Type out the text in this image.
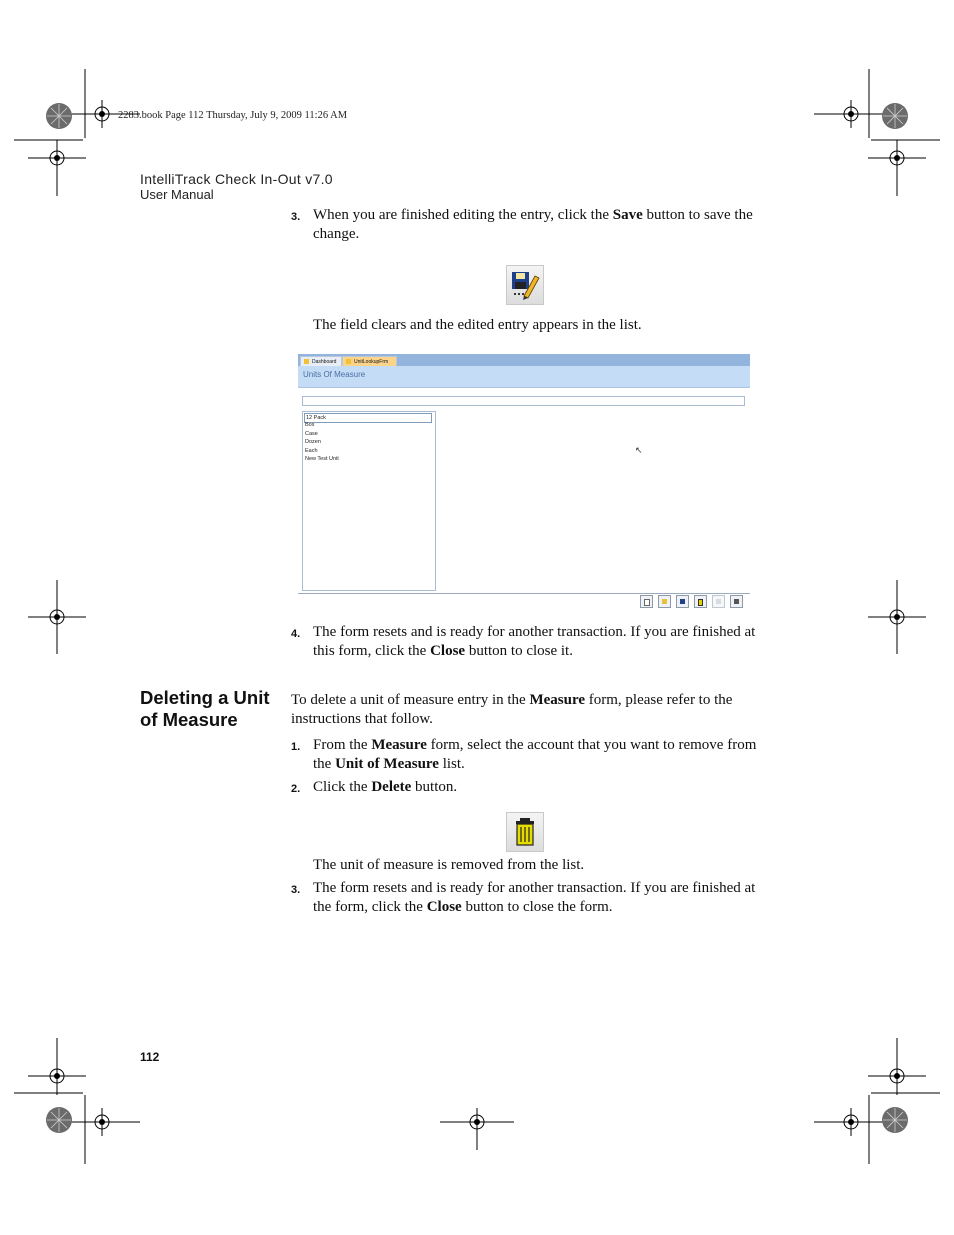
2283.book Page 112 Thursday, July 9, 2009 11:26 AM
IntelliTrack Check In-Out v7.0
User Manual
3. When you are finished editing the entry, click the Save button to save the change.
The field clears and the edited entry appears in the list.
Dashboard	UnitLookupFrm
Units Of Measure
12 Pack
Box
Case
Dozen
Each
New Test Unit
↖
4. The form resets and is ready for another transaction. If you are finished at this form, click the Close button to close it.
Deleting a Unit of Measure
To delete a unit of measure entry in the Measure form, please refer to the instructions that follow.
1. From the Measure form, select the account that you want to remove from the Unit of Measure list.
2. Click the Delete button.
The unit of measure is removed from the list.
3. The form resets and is ready for another transaction. If you are finished at the form, click the Close button to close the form.
112
